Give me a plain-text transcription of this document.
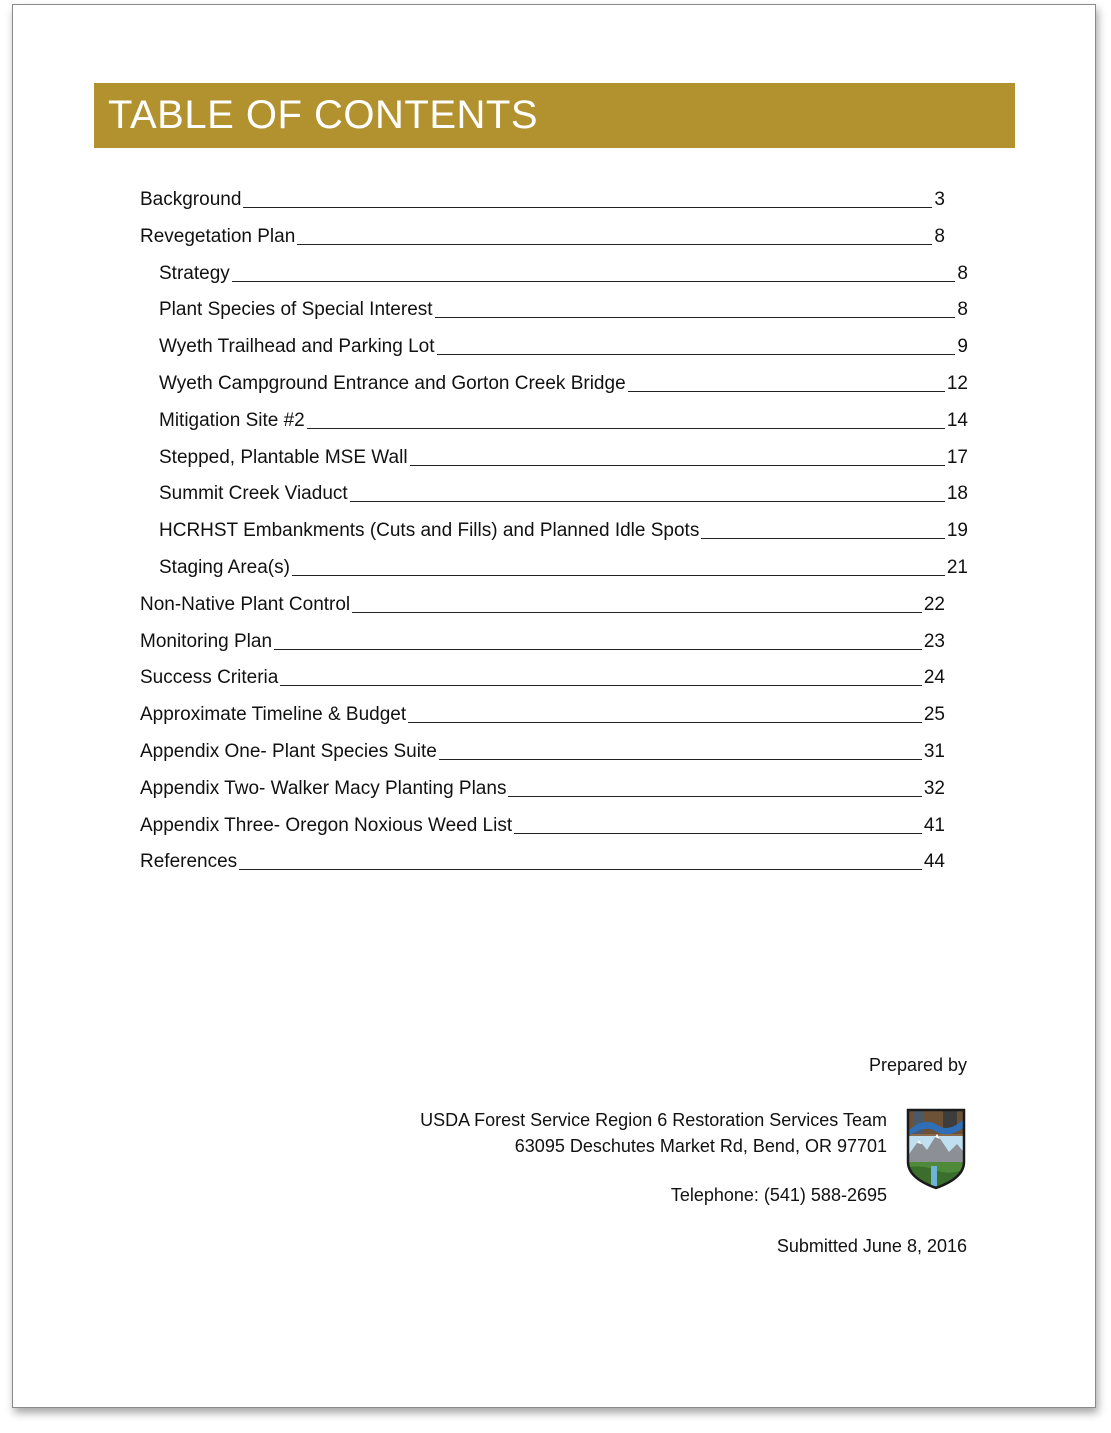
TABLE OF CONTENTS
Background	3
Revegetation Plan	8
Strategy	8
Plant Species of Special Interest	8
Wyeth Trailhead and Parking Lot	9
Wyeth Campground Entrance and Gorton Creek Bridge	12
Mitigation Site #2	14
Stepped, Plantable MSE Wall	17
Summit Creek Viaduct	18
HCRHST Embankments (Cuts and Fills) and Planned Idle Spots	19
Staging Area(s)	21
Non-Native Plant Control	22
Monitoring Plan	23
Success Criteria	24
Approximate Timeline & Budget	25
Appendix One- Plant Species Suite	31
Appendix Two- Walker Macy Planting Plans	32
Appendix Three- Oregon Noxious Weed List	41
References	44
Prepared by
USDA Forest Service Region 6 Restoration Services Team
63095 Deschutes Market Rd, Bend, OR 97701
Telephone: (541) 588-2695
Submitted June 8, 2016
